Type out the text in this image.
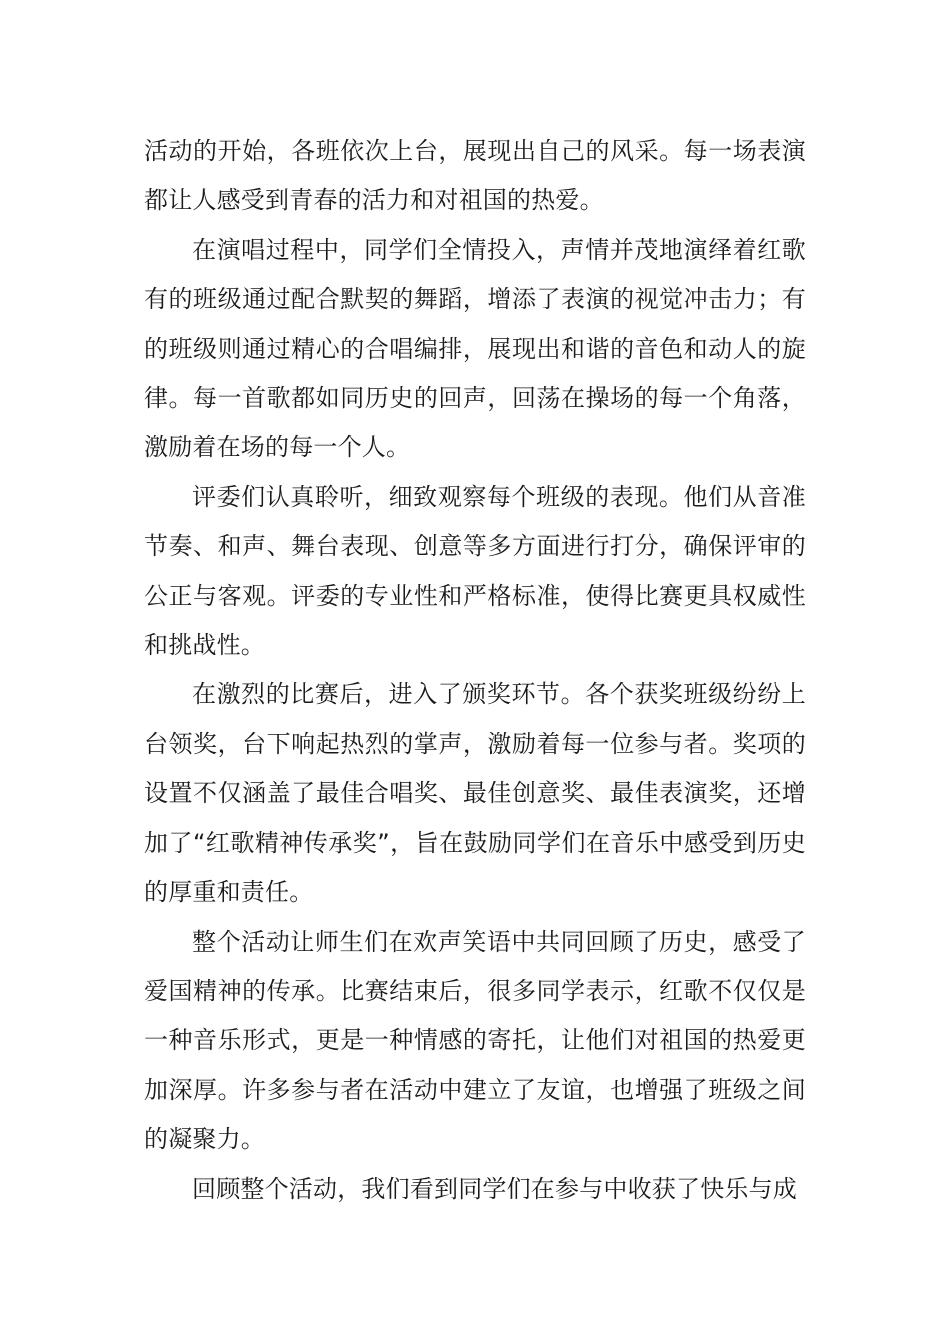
活动的开始，各班依次上台，展现出自己的风采。每一场表演都让人感受到青春的活力和对祖国的热爱。

在演唱过程中，同学们全情投入，声情并茂地演绎着红歌有的班级通过配合默契的舞蹈，增添了表演的视觉冲击力；有的班级则通过精心的合唱编排，展现出和谐的音色和动人的旋律。每一首歌都如同历史的回声，回荡在操场的每一个角落，激励着在场的每一个人。

评委们认真聆听，细致观察每个班级的表现。他们从音准节奏、和声、舞台表现、创意等多方面进行打分，确保评审的公正与客观。评委的专业性和严格标准，使得比赛更具权威性和挑战性。

在激烈的比赛后，进入了颁奖环节。各个获奖班级纷纷上台领奖，台下响起热烈的掌声，激励着每一位参与者。奖项的设置不仅涵盖了最佳合唱奖、最佳创意奖、最佳表演奖，还增加了“红歌精神传承奖”，旨在鼓励同学们在音乐中感受到历史的厚重和责任。

整个活动让师生们在欢声笑语中共同回顾了历史，感受了爱国精神的传承。比赛结束后，很多同学表示，红歌不仅仅是一种音乐形式，更是一种情感的寄托，让他们对祖国的热爱更加深厚。许多参与者在活动中建立了友谊，也增强了班级之间的凝聚力。

回顾整个活动，我们看到同学们在参与中收获了快乐与成
